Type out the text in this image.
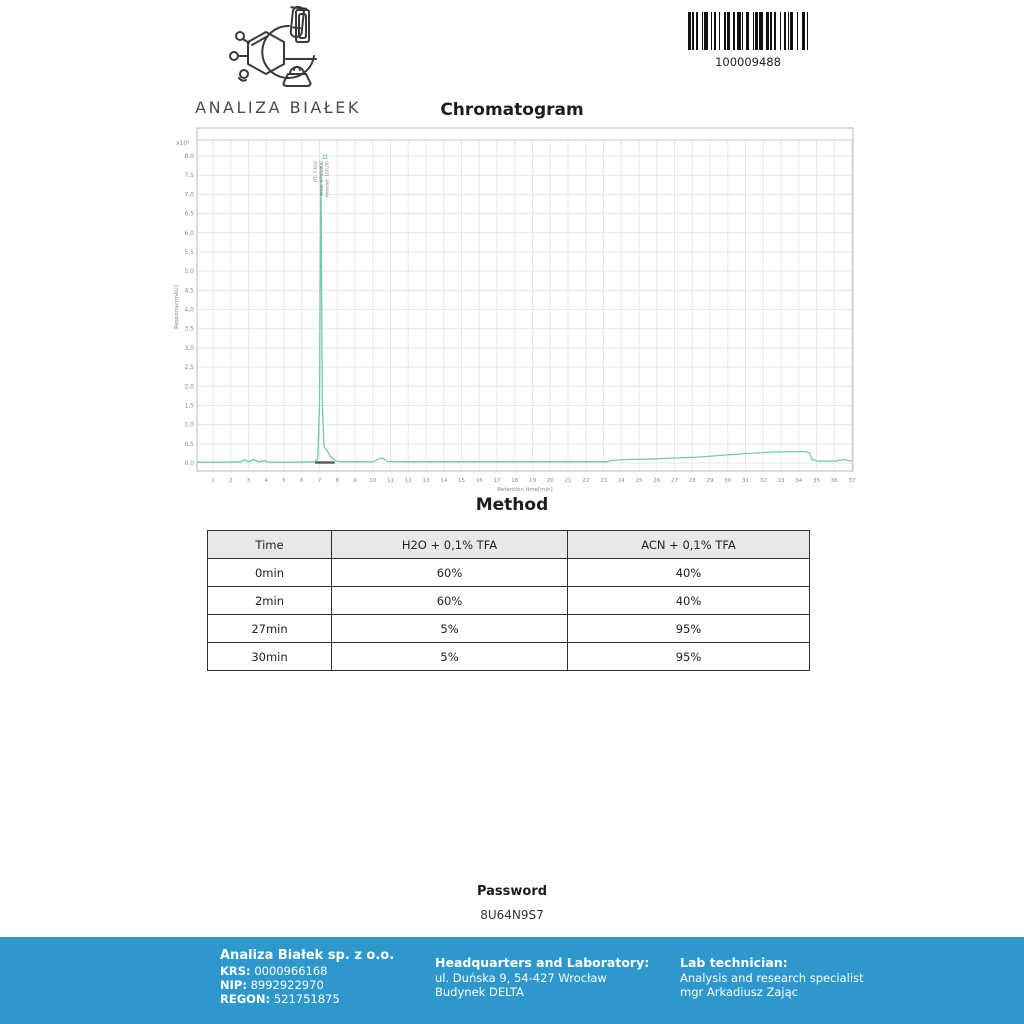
ANALIZA BIAŁEK
100009488
Chromatogram
0,0
0,5
1,0
1,5
2,0
2,5
3,0
3,5
4,0
4,5
5,0
5,5
6,0
6,5
7,0
7,5
8,0
1	2	3	4	5	6	7	8	9 10 11 12 13 14 15 16 17 18 19 20 21 22 23 24 25 26 27 28 29 30 31 32 33 34 35 36 37
x10²
Retention time[min]
Response[mAU]
RT: 7.102 Area: 6743,986 Amount: 100,00
Method
Time	H2O + 0,1% TFA	ACN + 0,1% TFA
0min	60%	40%
2min	60%	40%
27min	5%	95%
30min	5%	95%
Password
8U64N9S7
Analiza Białek sp. z o.o.
KRS: 0000966168
NIP: 8992922970
REGON: 521751875
Headquarters and Laboratory:
ul. Duńska 9, 54-427 Wrocław
Budynek DELTA
Lab technician:
Analysis and research specialist
mgr Arkadiusz Zając
